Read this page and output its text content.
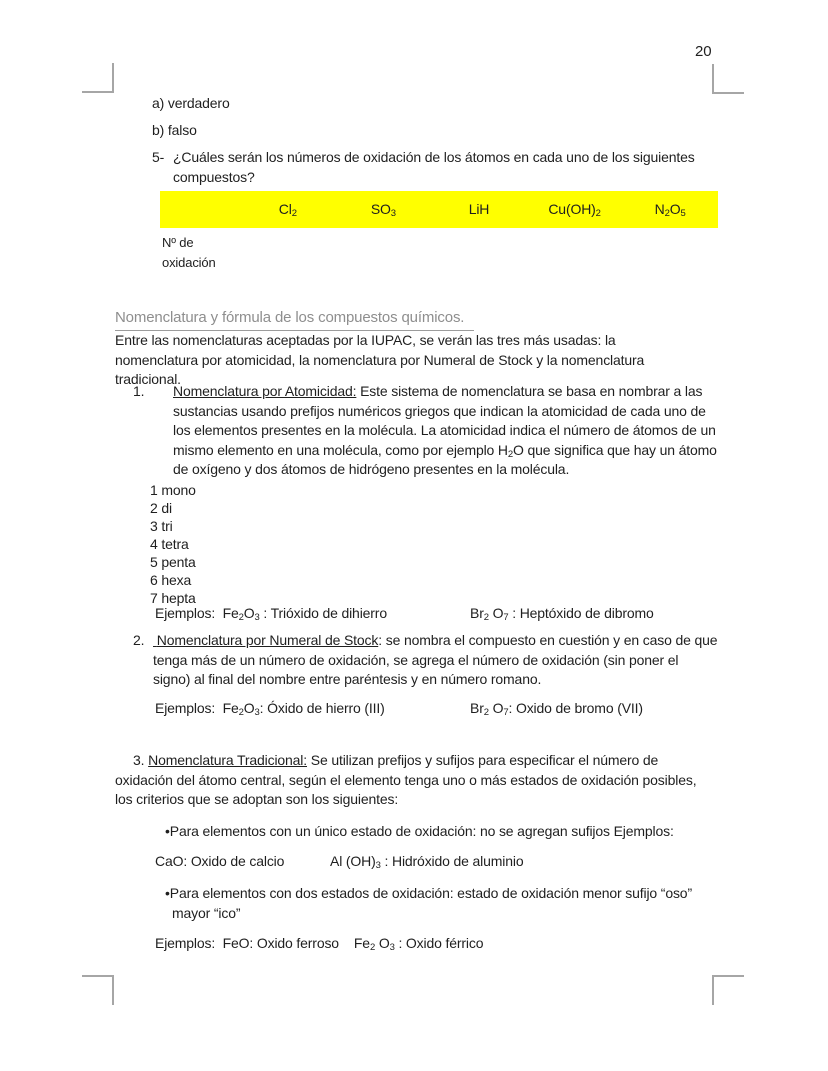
20
a) verdadero
b) falso
5- ¿Cuáles serán los números de oxidación de los átomos en cada uno de los siguientes compuestos?
$Cl_2$	$SO_3$	LiH	$Cu(OH)_2$	$N_2O_5$
Nº de
oxidación
Nomenclatura y fórmula de los compuestos químicos.
Entre las nomenclaturas aceptadas por la IUPAC, se verán las tres más usadas: la nomenclatura por atomicidad, la nomenclatura por Numeral de Stock y la nomenclatura tradicional.
1.	Nomenclatura por Atomicidad: Este sistema de nomenclatura se basa en nombrar a las sustancias usando prefijos numéricos griegos que indican la atomicidad de cada uno de los elementos presentes en la molécula. La atomicidad indica el número de átomos de un mismo elemento en una molécula, como por ejemplo $H_2O$ que significa que hay un átomo de oxígeno y dos átomos de hidrógeno presentes en la molécula.
1 mono
2 di
3 tri
4 tetra
5 penta
6 hexa
7 hepta
Ejemplos:  $Fe_2O_3$ : Trióxido de dihierro	$Br_2$ $O_7$ : Heptóxido de dibromo
2. Nomenclatura por Numeral de Stock: se nombra el compuesto en cuestión y en caso de que tenga más de un número de oxidación, se agrega el número de oxidación (sin poner el signo) al final del nombre entre paréntesis y en número romano.
Ejemplos:  $Fe_2O_3$: Óxido de hierro (III)	$Br_2$ $O_7$: Oxido de bromo (VII)
3. Nomenclatura Tradicional: Se utilizan prefijos y sufijos para especificar el número de oxidación del átomo central, según el elemento tenga uno o más estados de oxidación posibles, los criterios que se adoptan son los siguientes:
•Para elementos con un único estado de oxidación: no se agregan sufijos Ejemplos:
CaO: Oxido de calcio	Al $(OH)_3$ : Hidróxido de aluminio
•Para elementos con dos estados de oxidación: estado de oxidación menor sufijo “oso” mayor “ico”
Ejemplos:  FeO: Oxido ferroso    $Fe_2$ $O_3$ : Oxido férrico
